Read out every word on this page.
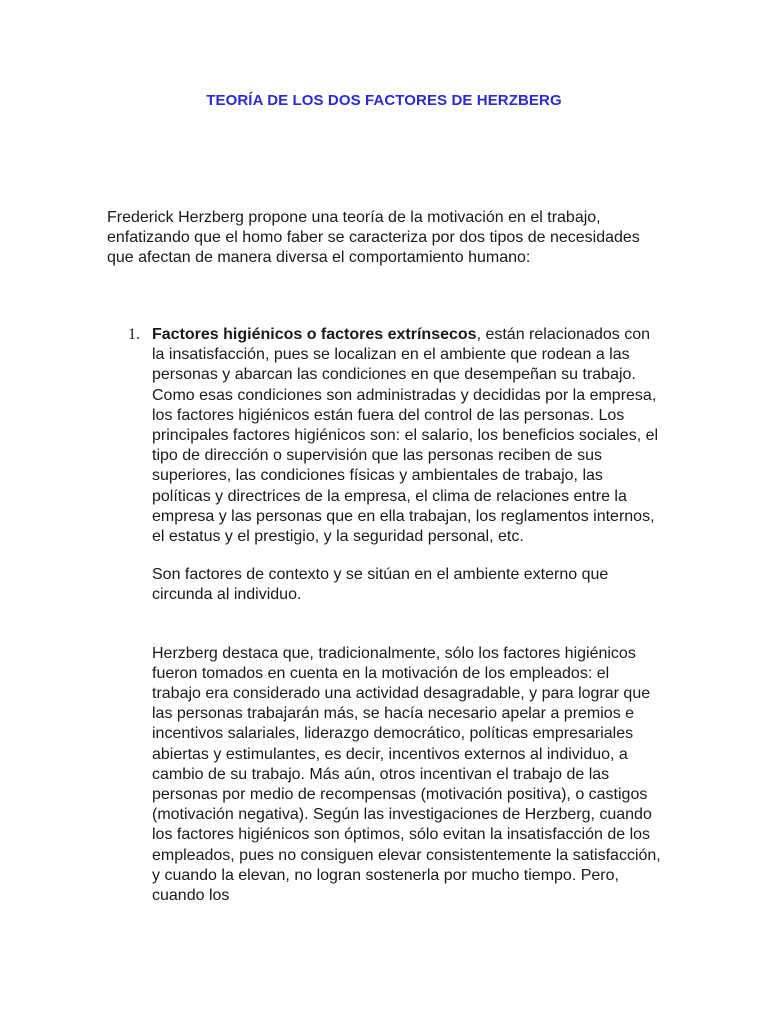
TEORÍA DE LOS DOS FACTORES DE HERZBERG

Frederick Herzberg propone una teoría de la motivación en el trabajo, enfatizando que el homo faber se caracteriza por dos tipos de necesidades que afectan de manera diversa el comportamiento humano:

1. Factores higiénicos o factores extrínsecos, están relacionados con la insatisfacción, pues se localizan en el ambiente que rodean a las personas y abarcan las condiciones en que desempeñan su trabajo. Como esas condiciones son administradas y decididas por la empresa, los factores higiénicos están fuera del control de las personas. Los principales factores higiénicos son: el salario, los beneficios sociales, el tipo de dirección o supervisión que las personas reciben de sus superiores, las condiciones físicas y ambientales de trabajo, las políticas y directrices de la empresa, el clima de relaciones entre la empresa y las personas que en ella trabajan, los reglamentos internos, el estatus y el prestigio, y la seguridad personal, etc.

Son factores de contexto y se sitúan en el ambiente externo que circunda al individuo.

Herzberg destaca que, tradicionalmente, sólo los factores higiénicos fueron tomados en cuenta en la motivación de los empleados: el trabajo era considerado una actividad desagradable, y para lograr que las personas trabajarán más, se hacía necesario apelar a premios e incentivos salariales, liderazgo democrático, políticas empresariales abiertas y estimulantes, es decir, incentivos externos al individuo, a cambio de su trabajo. Más aún, otros incentivan el trabajo de las personas por medio de recompensas (motivación positiva), o castigos (motivación negativa). Según las investigaciones de Herzberg, cuando los factores higiénicos son óptimos, sólo evitan la insatisfacción de los empleados, pues no consiguen elevar consistentemente la satisfacción, y cuando la elevan, no logran sostenerla por mucho tiempo. Pero, cuando los
